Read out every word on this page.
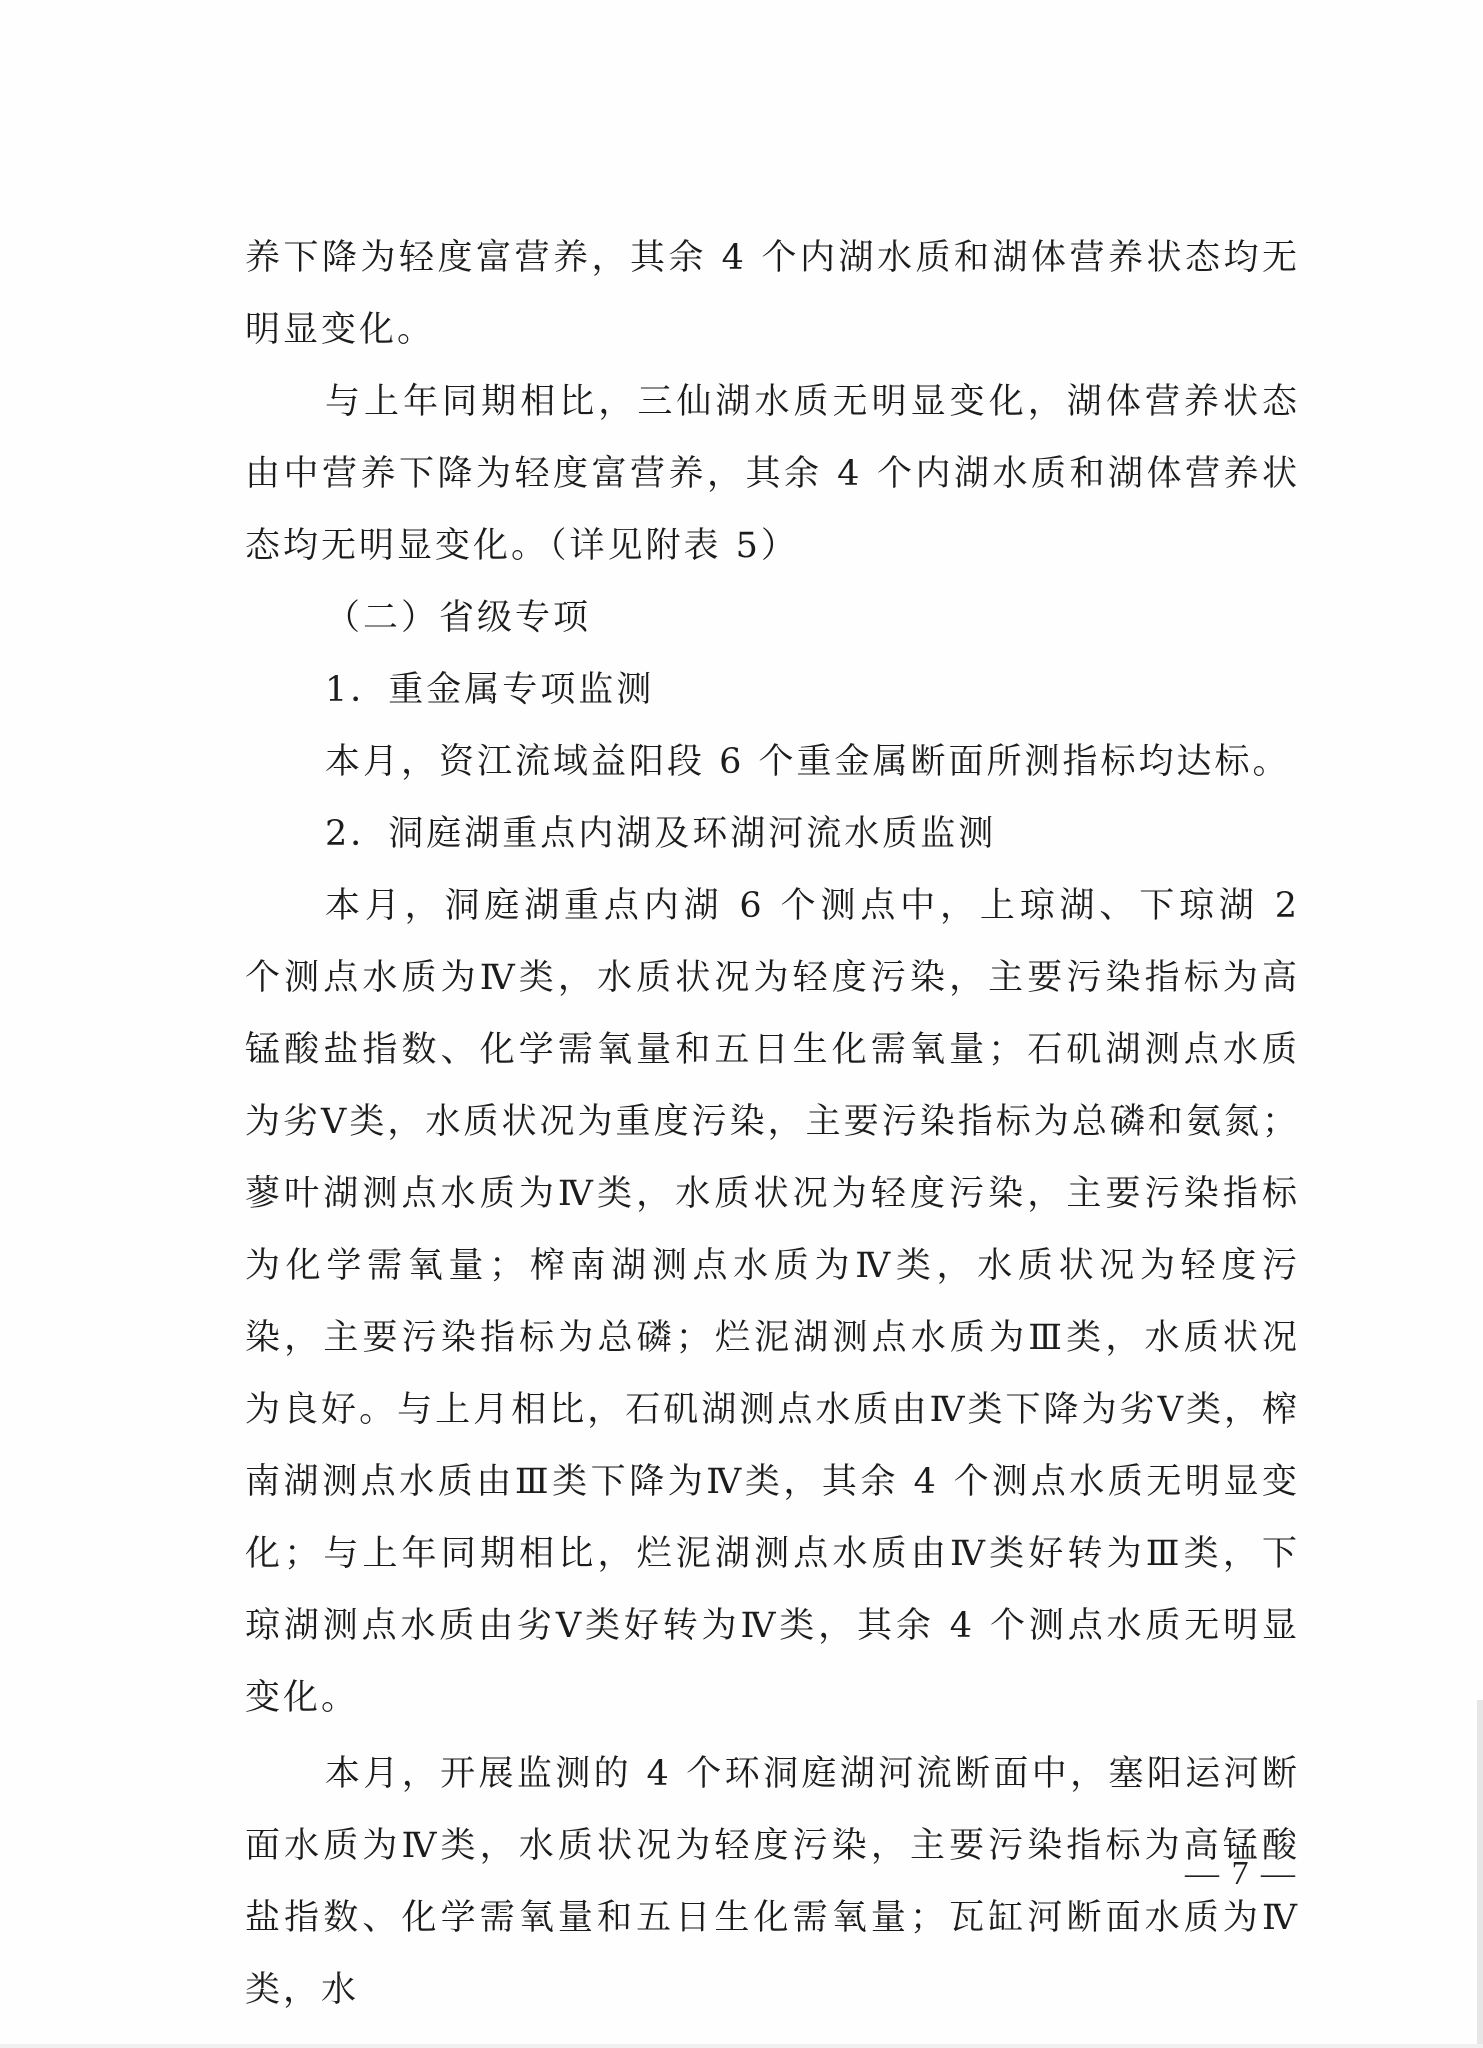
养下降为轻度富营养，其余 4 个内湖水质和湖体营养状态均无明显变化。

与上年同期相比，三仙湖水质无明显变化，湖体营养状态由中营养下降为轻度富营养，其余 4 个内湖水质和湖体营养状态均无明显变化。（详见附表 5）

（二）省级专项

1．重金属专项监测

本月，资江流域益阳段 6 个重金属断面所测指标均达标。

2．洞庭湖重点内湖及环湖河流水质监测

本月，洞庭湖重点内湖 6 个测点中，上琼湖、下琼湖 2 个测点水质为Ⅳ类，水质状况为轻度污染，主要污染指标为高锰酸盐指数、化学需氧量和五日生化需氧量；石矶湖测点水质为劣Ⅴ类，水质状况为重度污染，主要污染指标为总磷和氨氮；蓼叶湖测点水质为Ⅳ类，水质状况为轻度污染，主要污染指标为化学需氧量；榨南湖测点水质为Ⅳ类，水质状况为轻度污染，主要污染指标为总磷；烂泥湖测点水质为Ⅲ类，水质状况为良好。与上月相比，石矶湖测点水质由Ⅳ类下降为劣Ⅴ类，榨南湖测点水质由Ⅲ类下降为Ⅳ类，其余 4 个测点水质无明显变化；与上年同期相比，烂泥湖测点水质由Ⅳ类好转为Ⅲ类，下琼湖测点水质由劣Ⅴ类好转为Ⅳ类，其余 4 个测点水质无明显变化。

本月，开展监测的 4 个环洞庭湖河流断面中，塞阳运河断面水质为Ⅳ类，水质状况为轻度污染，主要污染指标为高锰酸盐指数、化学需氧量和五日生化需氧量；瓦缸河断面水质为Ⅳ类，水

— 7 —
